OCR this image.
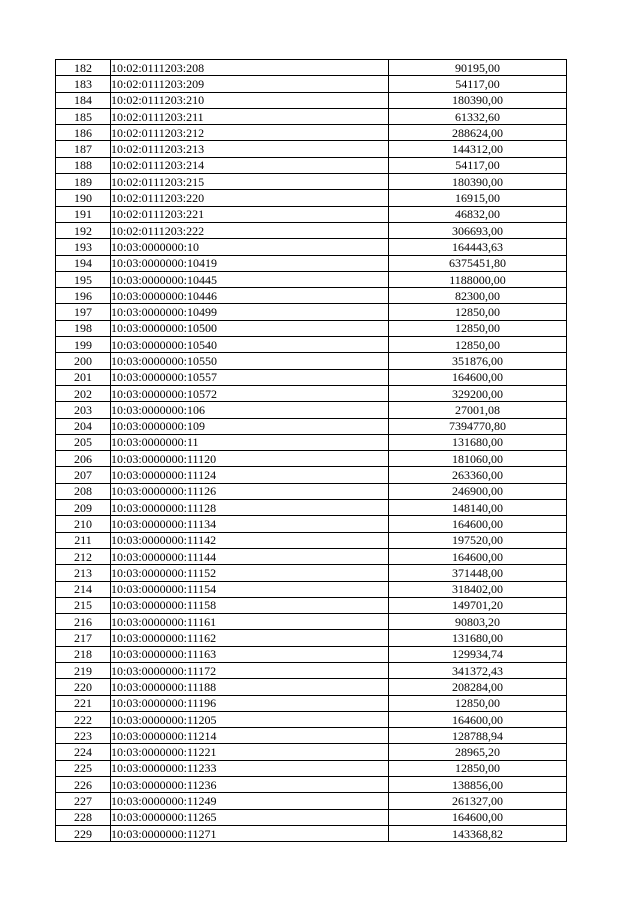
182	10:02:0111203:208	90195,00
183	10:02:0111203:209	54117,00
184	10:02:0111203:210	180390,00
185	10:02:0111203:211	61332,60
186	10:02:0111203:212	288624,00
187	10:02:0111203:213	144312,00
188	10:02:0111203:214	54117,00
189	10:02:0111203:215	180390,00
190	10:02:0111203:220	16915,00
191	10:02:0111203:221	46832,00
192	10:02:0111203:222	306693,00
193	10:03:0000000:10	164443,63
194	10:03:0000000:10419	6375451,80
195	10:03:0000000:10445	1188000,00
196	10:03:0000000:10446	82300,00
197	10:03:0000000:10499	12850,00
198	10:03:0000000:10500	12850,00
199	10:03:0000000:10540	12850,00
200	10:03:0000000:10550	351876,00
201	10:03:0000000:10557	164600,00
202	10:03:0000000:10572	329200,00
203	10:03:0000000:106	27001,08
204	10:03:0000000:109	7394770,80
205	10:03:0000000:11	131680,00
206	10:03:0000000:11120	181060,00
207	10:03:0000000:11124	263360,00
208	10:03:0000000:11126	246900,00
209	10:03:0000000:11128	148140,00
210	10:03:0000000:11134	164600,00
211	10:03:0000000:11142	197520,00
212	10:03:0000000:11144	164600,00
213	10:03:0000000:11152	371448,00
214	10:03:0000000:11154	318402,00
215	10:03:0000000:11158	149701,20
216	10:03:0000000:11161	90803,20
217	10:03:0000000:11162	131680,00
218	10:03:0000000:11163	129934,74
219	10:03:0000000:11172	341372,43
220	10:03:0000000:11188	208284,00
221	10:03:0000000:11196	12850,00
222	10:03:0000000:11205	164600,00
223	10:03:0000000:11214	128788,94
224	10:03:0000000:11221	28965,20
225	10:03:0000000:11233	12850,00
226	10:03:0000000:11236	138856,00
227	10:03:0000000:11249	261327,00
228	10:03:0000000:11265	164600,00
229	10:03:0000000:11271	143368,82
